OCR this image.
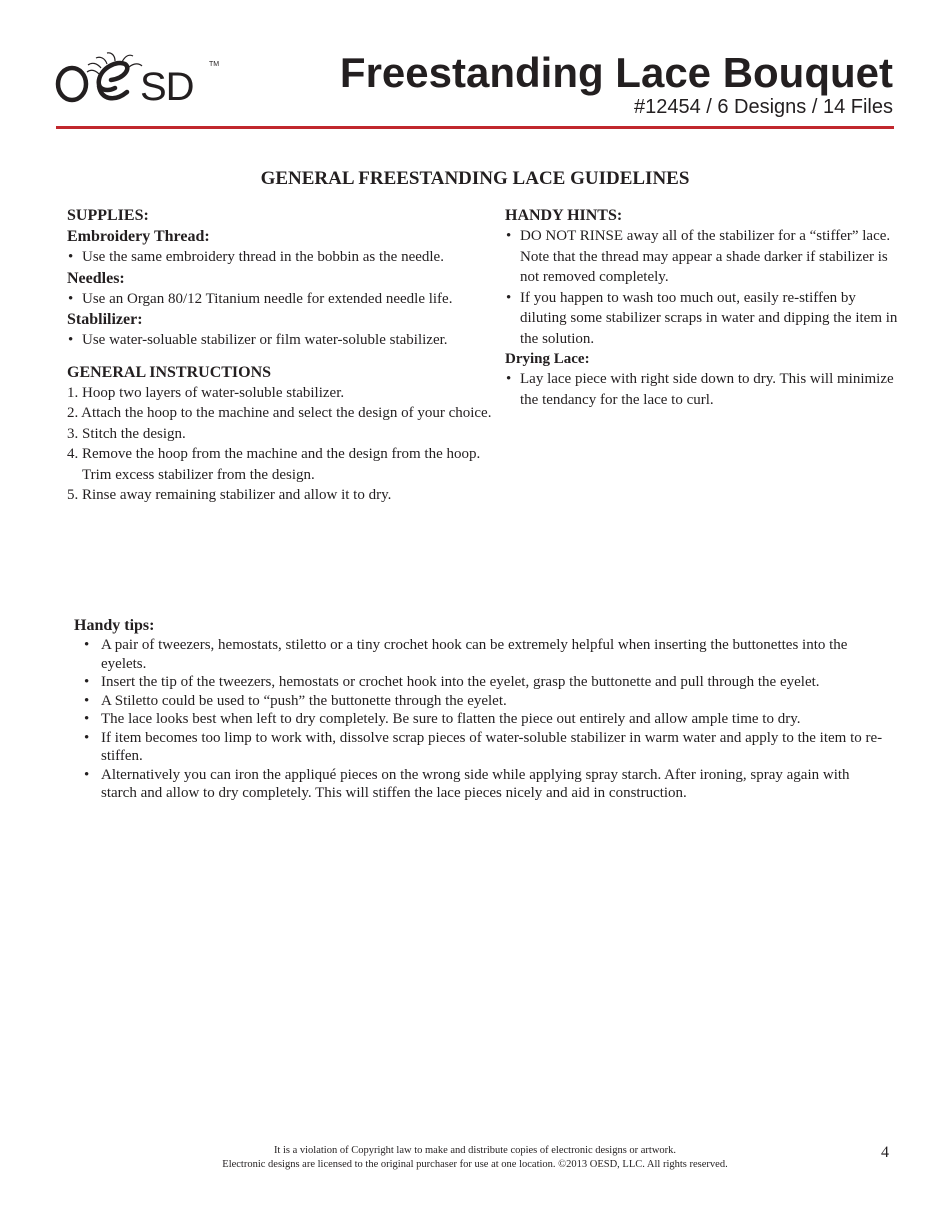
SD
TM	Freestanding Lace Bouquet
#12454 / 6 Designs / 14 Files
GENERAL FREESTANDING LACE GUIDELINES
SUPPLIES:
Embroidery Thread:
• Use the same embroidery thread in the bobbin as the needle.
Needles:
• Use an Organ 80/12 Titanium needle for extended needle life.
Stablilizer:
• Use water-soluable stabilizer or film water-soluble stabilizer.
GENERAL INSTRUCTIONS
1. Hoop two layers of water-soluble stabilizer.
2. Attach the hoop to the machine and select the design of your choice.
3. Stitch the design.
4. Remove the hoop from the machine and the design from the hoop. Trim excess stabilizer from the design.
5. Rinse away remaining stabilizer and allow it to dry.
HANDY HINTS:
• DO NOT RINSE away all of the stabilizer for a “stiffer” lace. Note that the thread may appear a shade darker if stabilizer is not removed completely.
• If you happen to wash too much out, easily re-stiffen by diluting some stabilizer scraps in water and dipping the item in the solution.
Drying Lace:
• Lay lace piece with right side down to dry. This will minimize the tendancy for the lace to curl.
Handy tips:
• A pair of tweezers, hemostats, stiletto or a tiny crochet hook can be extremely helpful when inserting the buttonettes into the eyelets.
• Insert the tip of the tweezers, hemostats or crochet hook into the eyelet, grasp the buttonette and pull through the eyelet.
• A Stiletto could be used to “push” the buttonette through the eyelet.
• The lace looks best when left to dry completely. Be sure to flatten the piece out entirely and allow ample time to dry.
• If item becomes too limp to work with, dissolve scrap pieces of water-soluble stabilizer in warm water and apply to the item to re-stiffen.
• Alternatively you can iron the appliqué pieces on the wrong side while applying spray starch. After ironing, spray again with starch and allow to dry completely. This will stiffen the lace pieces nicely and aid in construction.
It is a violation of Copyright law to make and distribute copies of electronic designs or artwork.
Electronic designs are licensed to the original purchaser for use at one location. ©2013 OESD, LLC. All rights reserved.
4
